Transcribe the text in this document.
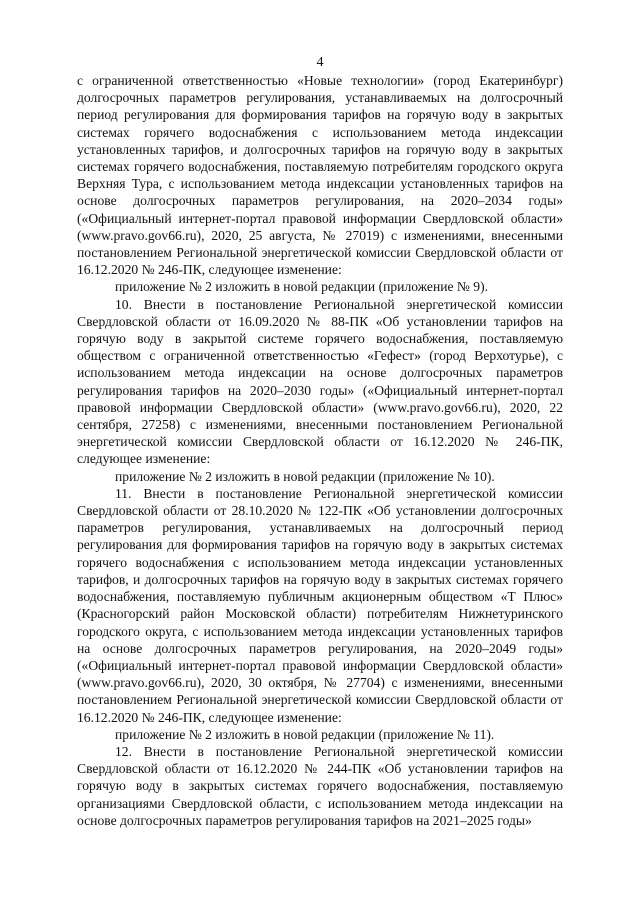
4

с ограниченной ответственностью «Новые технологии» (город Екатеринбург) долгосрочных параметров регулирования, устанавливаемых на долгосрочный период регулирования для формирования тарифов на горячую воду в закрытых системах горячего водоснабжения с использованием метода индексации установленных тарифов, и долгосрочных тарифов на горячую воду в закрытых системах горячего водоснабжения, поставляемую потребителям городского округа Верхняя Тура, с использованием метода индексации установленных тарифов на основе долгосрочных параметров регулирования, на 2020–2034 годы» («Официальный интернет-портал правовой информации Свердловской области» (www.pravo.gov66.ru), 2020, 25 августа, № 27019) с изменениями, внесенными постановлением Региональной энергетической комиссии Свердловской области от 16.12.2020 № 246-ПК, следующее изменение:

приложение № 2 изложить в новой редакции (приложение № 9).

10. Внести в постановление Региональной энергетической комиссии Свердловской области от 16.09.2020 № 88-ПК «Об установлении тарифов на горячую воду в закрытой системе горячего водоснабжения, поставляемую обществом с ограниченной ответственностью «Гефест» (город Верхотурье), с использованием метода индексации на основе долгосрочных параметров регулирования тарифов на 2020–2030 годы» («Официальный интернет-портал правовой информации Свердловской области» (www.pravo.gov66.ru), 2020, 22 сентября, 27258) с изменениями, внесенными постановлением Региональной энергетической комиссии Свердловской области от 16.12.2020 № 246-ПК, следующее изменение:

приложение № 2 изложить в новой редакции (приложение № 10).

11. Внести в постановление Региональной энергетической комиссии Свердловской области от 28.10.2020 № 122-ПК «Об установлении долгосрочных параметров регулирования, устанавливаемых на долгосрочный период регулирования для формирования тарифов на горячую воду в закрытых системах горячего водоснабжения с использованием метода индексации установленных тарифов, и долгосрочных тарифов на горячую воду в закрытых системах горячего водоснабжения, поставляемую публичным акционерным обществом «Т Плюс» (Красногорский район Московской области) потребителям Нижнетуринского городского округа, с использованием метода индексации установленных тарифов на основе долгосрочных параметров регулирования, на 2020–2049 годы» («Официальный интернет-портал правовой информации Свердловской области» (www.pravo.gov66.ru), 2020, 30 октября, № 27704) с изменениями, внесенными постановлением Региональной энергетической комиссии Свердловской области от 16.12.2020 № 246-ПК, следующее изменение:

приложение № 2 изложить в новой редакции (приложение № 11).

12. Внести в постановление Региональной энергетической комиссии Свердловской области от 16.12.2020 № 244-ПК «Об установлении тарифов на горячую воду в закрытых системах горячего водоснабжения, поставляемую организациями Свердловской области, с использованием метода индексации на основе долгосрочных параметров регулирования тарифов на 2021–2025 годы»
